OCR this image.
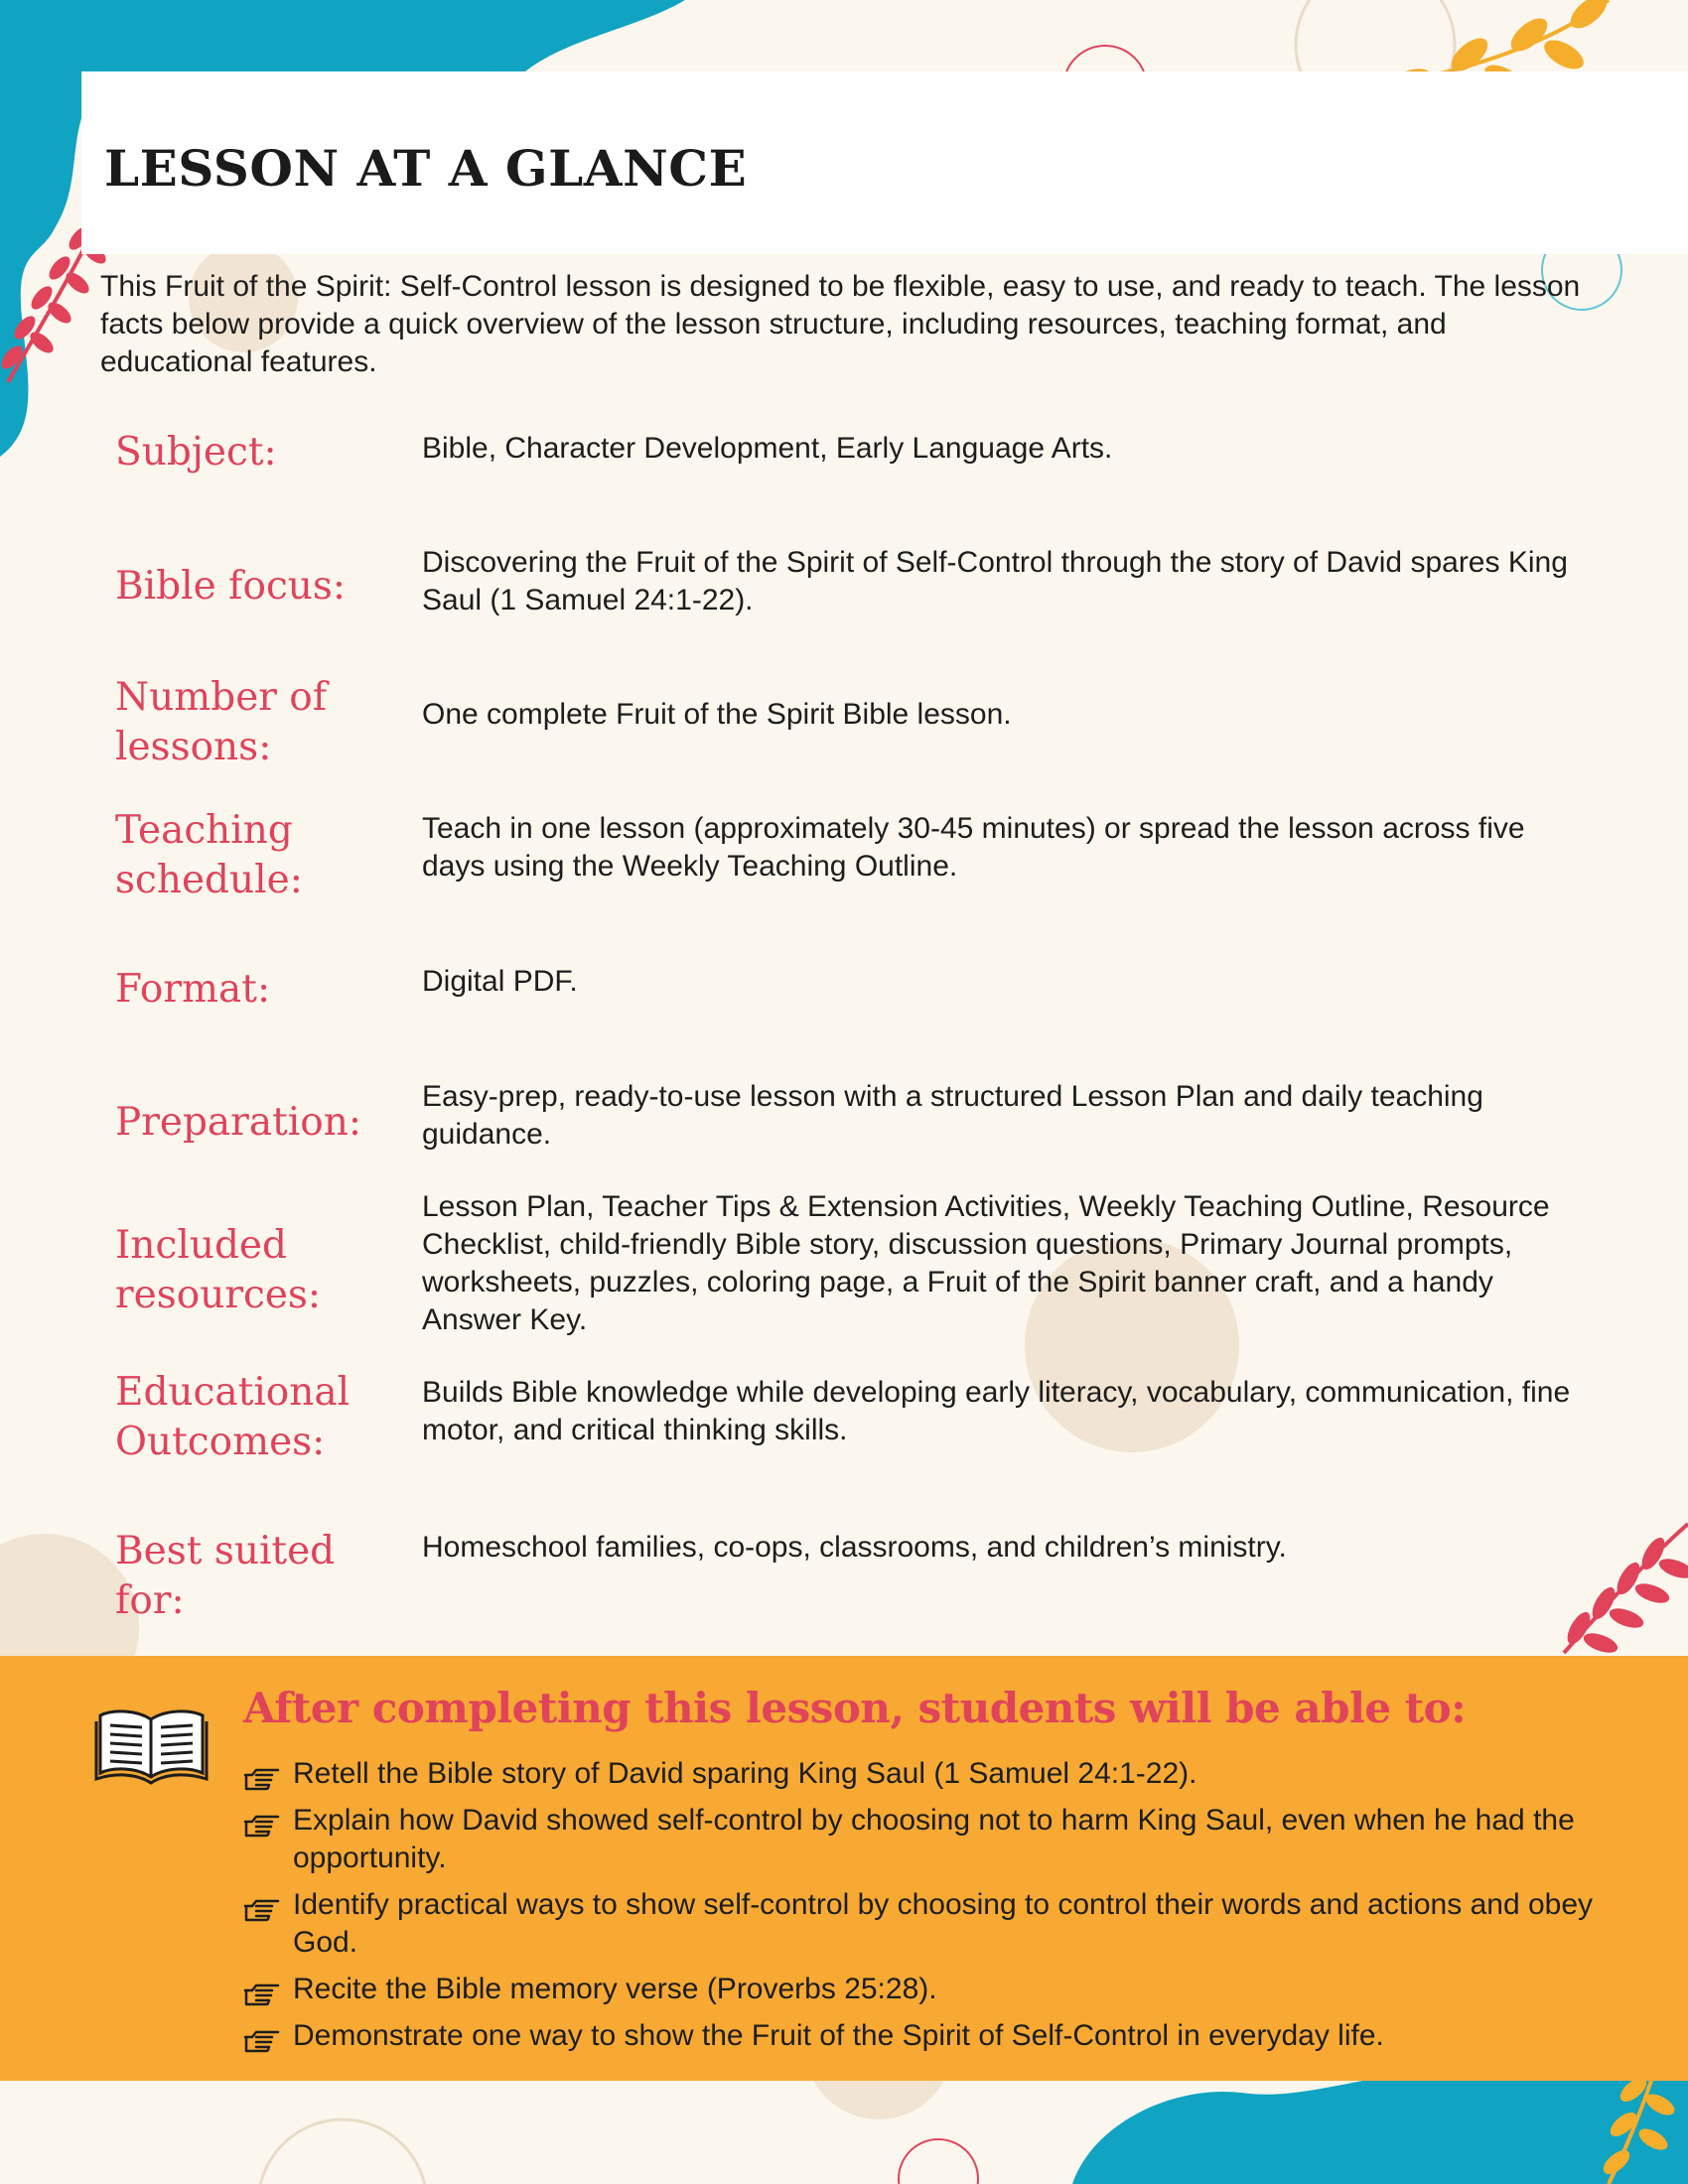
LESSON AT A GLANCE

This Fruit of the Spirit: Self-Control lesson is designed to be flexible, easy to use, and ready to teach. The lesson facts below provide a quick overview of the lesson structure, including resources, teaching format, and educational features.

Subject:	Bible, Character Development, Early Language Arts.

Bible focus:

Discovering the Fruit of the Spirit of Self-Control through the story of David spares King Saul (1 Samuel 24:1-22).

Number of lessons:

One complete Fruit of the Spirit Bible lesson.

Teaching schedule:

Teach in one lesson (approximately 30-45 minutes) or spread the lesson across five days using the Weekly Teaching Outline.

Format:	Digital PDF.

Preparation:

Easy-prep, ready-to-use lesson with a structured Lesson Plan and daily teaching guidance.

Included resources:

Lesson Plan, Teacher Tips & Extension Activities, Weekly Teaching Outline, Resource Checklist, child-friendly Bible story, discussion questions, Primary Journal prompts, worksheets, puzzles, coloring page, a Fruit of the Spirit banner craft, and a handy Answer Key.

Educational Outcomes:

Builds Bible knowledge while developing early literacy, vocabulary, communication, fine motor, and critical thinking skills.

Best suited for:

Homeschool families, co-ops, classrooms, and children’s ministry.

After completing this lesson, students will be able to:
Retell the Bible story of David sparing King Saul (1 Samuel 24:1-22).
Explain how David showed self-control by choosing not to harm King Saul, even when he had the opportunity.
Identify practical ways to show self-control by choosing to control their words and actions and obey God.
Recite the Bible memory verse (Proverbs 25:28).
Demonstrate one way to show the Fruit of the Spirit of Self-Control in everyday life.
